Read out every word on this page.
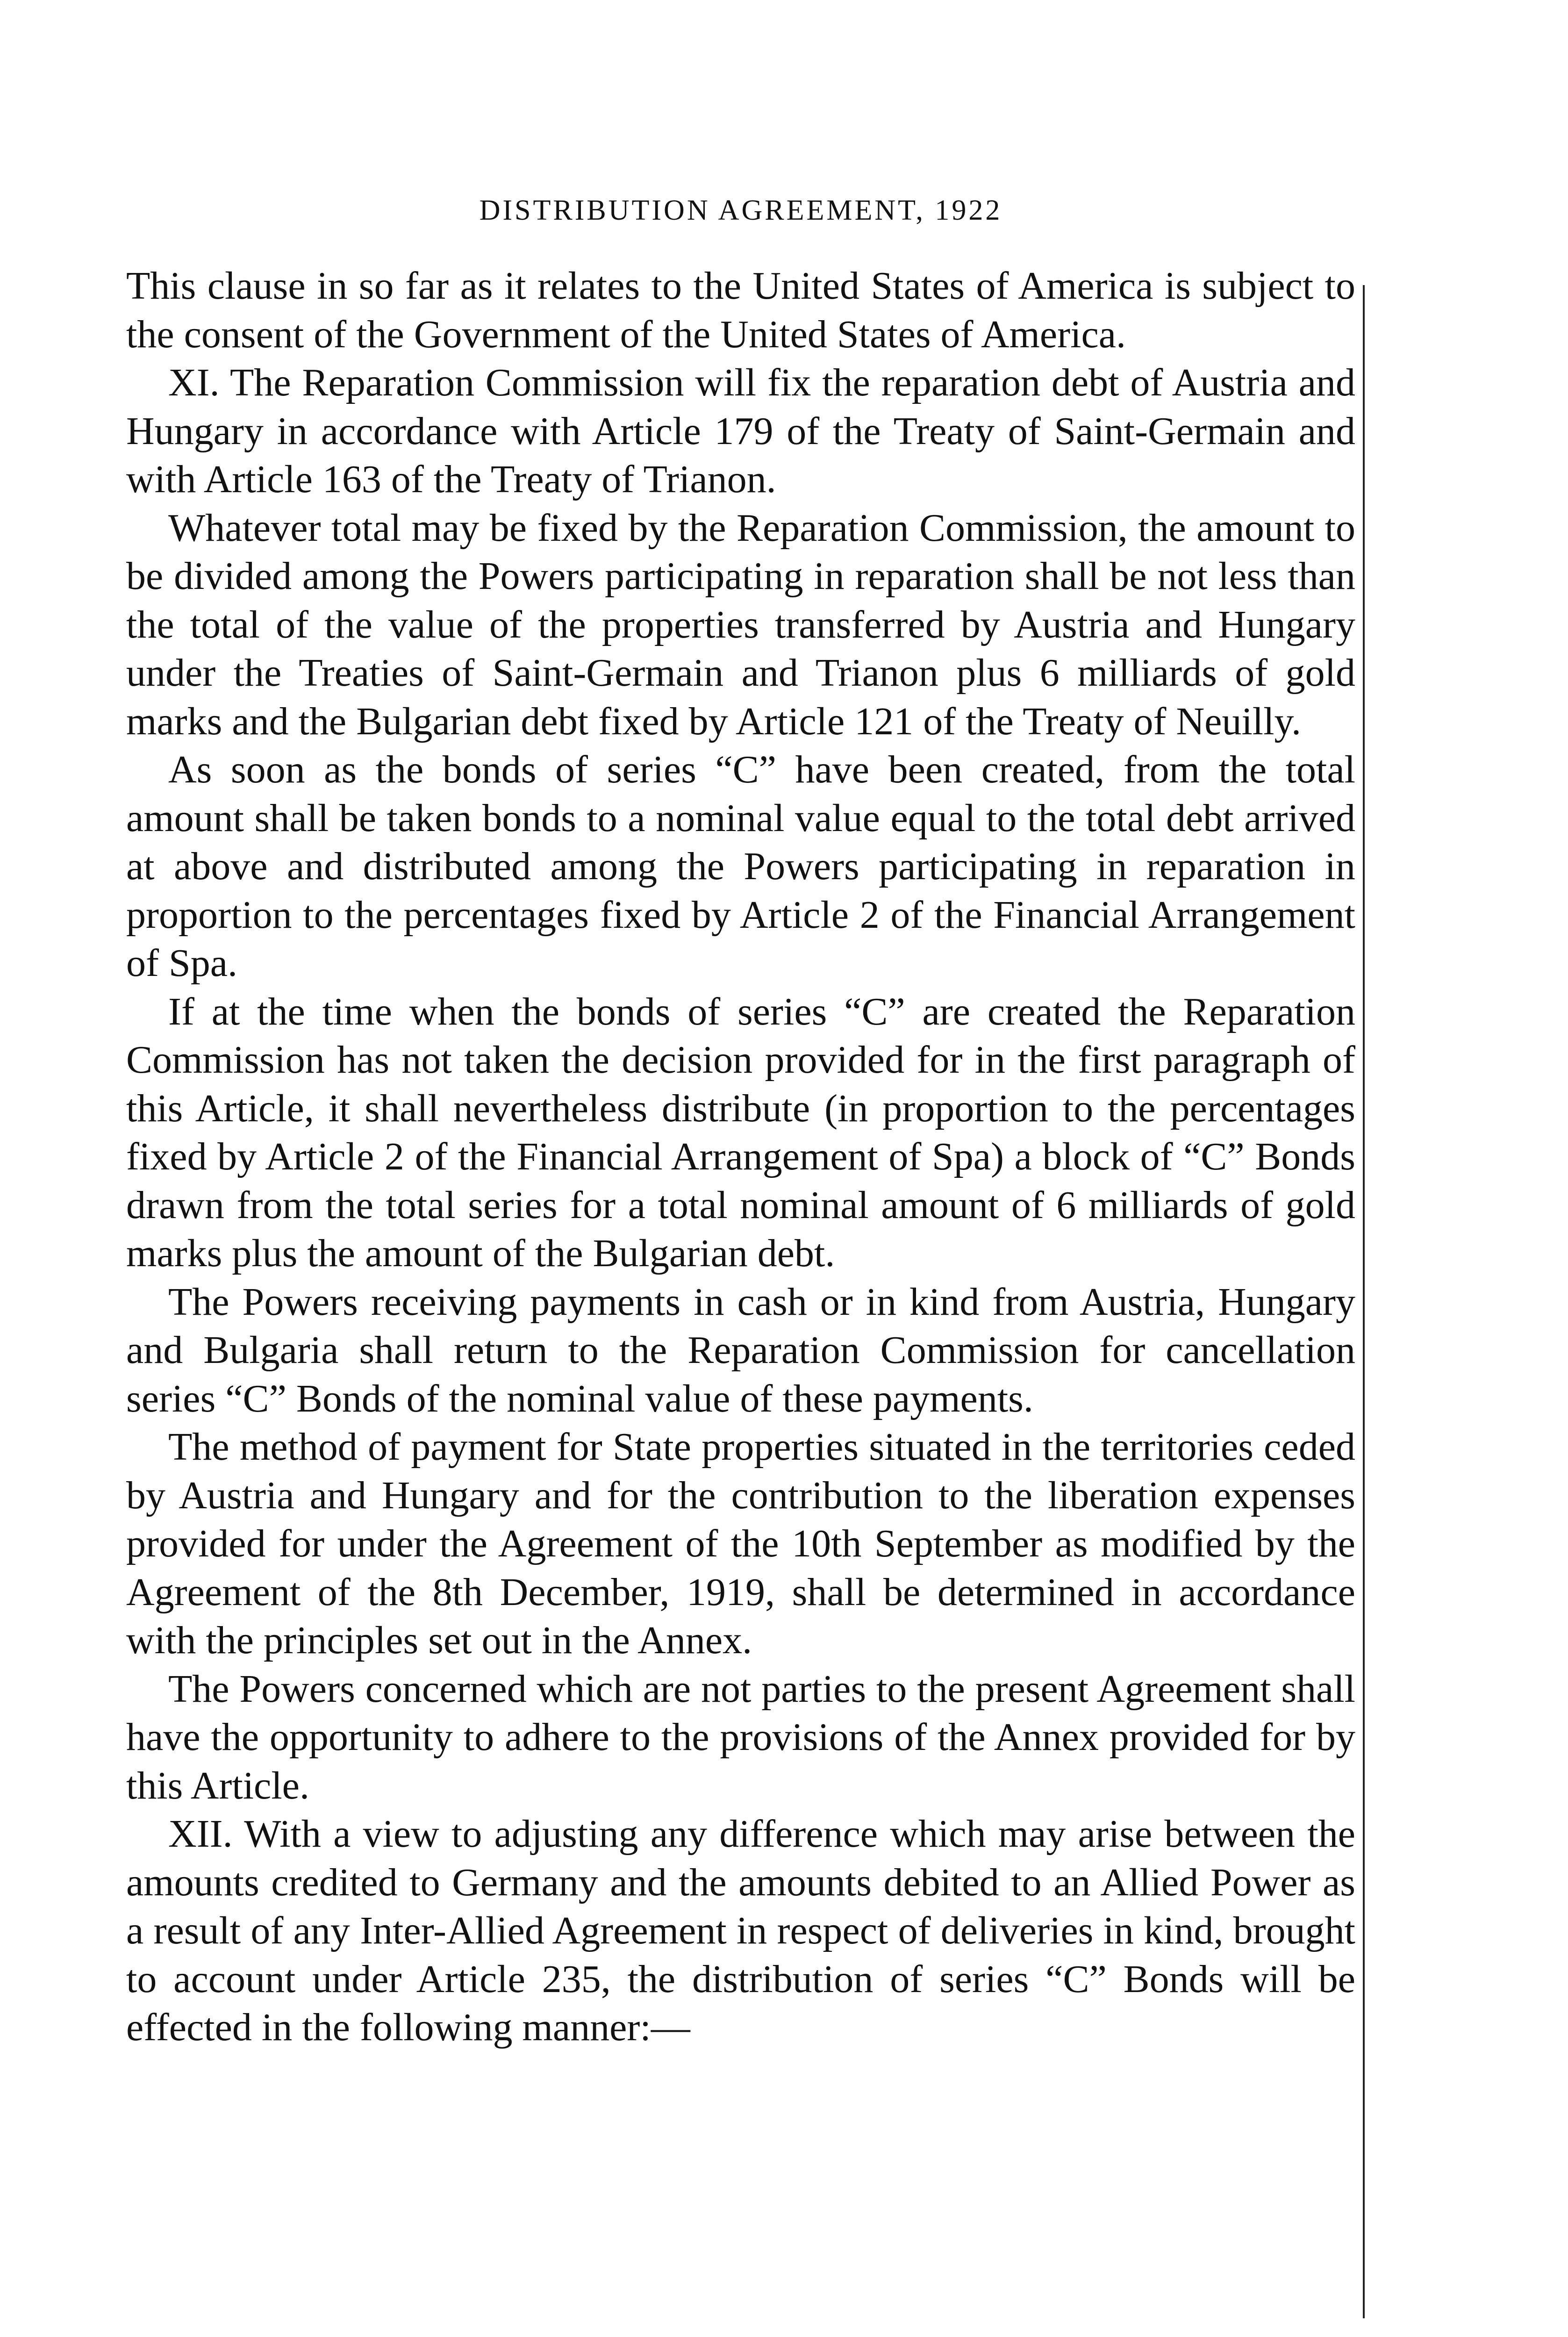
DISTRIBUTION AGREEMENT, 1922

This clause in so far as it relates to the United States of America is subject to the consent of the Government of the United States of America.

XI. The Reparation Commission will fix the reparation debt of Austria and Hungary in accordance with Article 179 of the Treaty of Saint-Germain and with Article 163 of the Treaty of Trianon.

Whatever total may be fixed by the Reparation Commission, the amount to be divided among the Powers participating in reparation shall be not less than the total of the value of the properties transferred by Austria and Hungary under the Treaties of Saint-Germain and Trianon plus 6 milliards of gold marks and the Bulgarian debt fixed by Article 121 of the Treaty of Neuilly.

As soon as the bonds of series “C” have been created, from the total amount shall be taken bonds to a nominal value equal to the total debt arrived at above and distributed among the Powers participating in reparation in proportion to the percentages fixed by Article 2 of the Financial Arrangement of Spa.

If at the time when the bonds of series “C” are created the Reparation Commission has not taken the decision provided for in the first paragraph of this Article, it shall nevertheless distribute (in proportion to the percentages fixed by Article 2 of the Financial Arrangement of Spa) a block of “C” Bonds drawn from the total series for a total nominal amount of 6 milliards of gold marks plus the amount of the Bulgarian debt.

The Powers receiving payments in cash or in kind from Austria, Hungary and Bulgaria shall return to the Reparation Commission for cancellation series “C” Bonds of the nominal value of these payments.

The method of payment for State properties situated in the territories ceded by Austria and Hungary and for the contribution to the liberation expenses provided for under the Agreement of the 10th September as modified by the Agreement of the 8th December, 1919, shall be determined in accordance with the principles set out in the Annex.

The Powers concerned which are not parties to the present Agreement shall have the opportunity to adhere to the provisions of the Annex provided for by this Article.

XII. With a view to adjusting any difference which may arise between the amounts credited to Germany and the amounts debited to an Allied Power as a result of any Inter-Allied Agreement in respect of deliveries in kind, brought to account under Article 235, the distribution of series “C” Bonds will be effected in the following manner:—
